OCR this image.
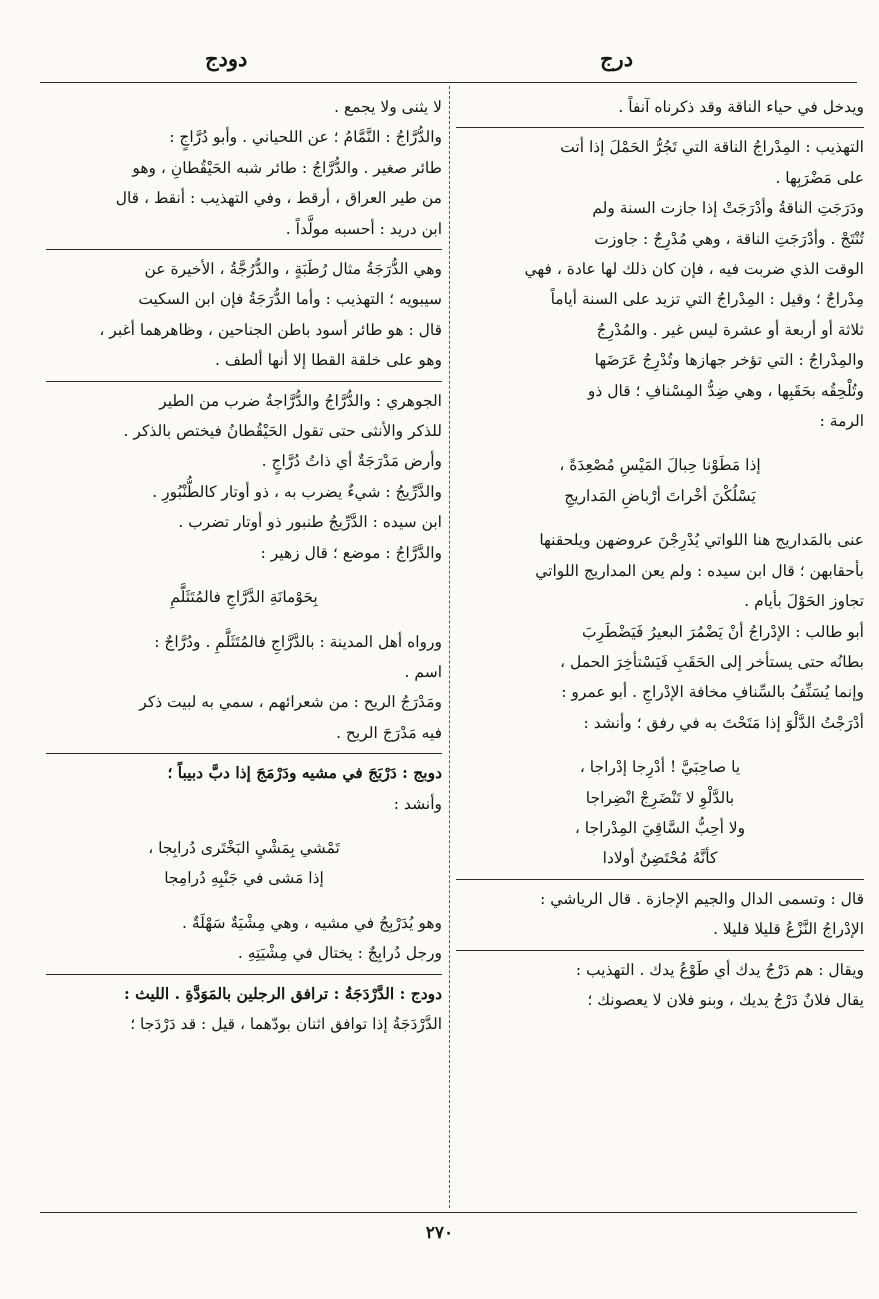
درج
دودج

ويدخل في حياء الناقة وقد ذكرناه آنفاً .

التهذيب : المِدْراجُ الناقة التي تَجُرُّ الحَمْلَ إذا أتت

على مَضْرَبِها .

ودَرَجَتِ الناقةُ وأدْرَجَتْ إذا جازت السنة ولم

تُنْتَجْ . وأدْرَجَتِ الناقة ، وهي مُدْرِجٌ : جاوزت

الوقت الذي ضربت فيه ، فإن كان ذلك لها عادة ، فهي

مِدْراجٌ ؛ وقيل : المِدْراجُ التي تزيد على السنة أياماً

ثلاثة أو أربعة أو عشرة ليس غير . والمُدْرِجُ

والمِدْراجُ : التي تؤخر جهازها وتُدْرِجُ عَرَضَها

وتُلْحِقُه بحَقَبِها ، وهي ضِدُّ المِسْنافِ ؛ قال ذو

الرمة :

إذا مَطَوْنا حِبالَ المَيْسِ مُصْعِدَةً ،

يَسْلُكْنَ أخْراتَ أرْباضِ المَداريجِ

عنى بالمَداريج هنا اللواتي يُدْرِجْنَ عروضهن ويلحقنها

بأحقابهن ؛ قال ابن سيده : ولم يعن المداريج اللواتي

تجاوز الحَوْلَ بأيام .

أبو طالب : الإدْراجُ أنْ يَضْمُرَ البعيرُ فَيَضْطَرِبَ

بطانُه حتى يستأخر إلى الحَقَبِ فَيَسْتأخِرَ الحمل ،

وإنما يُسَنِّفُ بالسِّنافِ مخافة الإدْراجِ . أبو عمرو :

أدْرَجْتُ الدَّلْوَ إذا مَتَحْتَ به في رفق ؛ وأنشد :

يا صاحِبَيَّ ! أدْرِجا إدْراجا ،

بالدَّلْوِ لا تَنْضَرِجْ انْضِراجا

ولا أحِبُّ السَّاقِيَ المِدْراجا ،

كأنَّهُ مُحْتَضِنٌ أولادا

قال : وتسمى الدال والجيم الإجازة . قال الرياشي :

الإدْراجُ النَّزْعُ قليلا قليلا .

ويقال : هم دَرْجُ يدك أي طَوْعُ يدك . التهذيب :

يقال فلانٌ دَرْجُ يديك ، وبنو فلان لا يعصونك ؛

لا يثنى ولا يجمع .

والدُّرَّاجُ : النَّمَّامُ ؛ عن اللحياني . وأبو دُرَّاجٍ :

طائر صغير . والدُّرَّاجُ : طائر شبه الحَيْقُطانِ ، وهو

من طير العراق ، أرقط ، وفي التهذيب : أنقط ، قال

ابن دريد : أحسبه مولَّداً .

وهي الدُّرَجَةُ مثال رُطَبَةٍ ، والدُّرُجَّةُ ، الأخيرة عن

سيبويه ؛ التهذيب : وأما الدُّرَجَةُ فإن ابن السكيت

قال : هو طائر أسود باطن الجناحين ، وظاهرهما أغبر ،

وهو على خلقة القطا إلا أنها ألطف .

الجوهري : والدُّرَّاجُ والدُّرَّاجةُ ضرب من الطير

للذكر والأنثى حتى تقول الحَيْقُطانُ فيختص بالذكر .

وأرض مَدْرَجَةٌ أي ذاتُ دُرَّاجٍ .

والدَّرِّيجُ : شيءٌ يضرب به ، ذو أوتار كالطُّنْبُورِ .

ابن سيده : الدَّرِّيجُ طنبور ذو أوتار تضرب .

والدَّرَّاجُ : موضع ؛ قال زهير :

بِحَوْمانَةِ الدَّرَّاجِ فالمُتَثَلَّمِ

ورواه أهل المدينة : بالدَّرَّاجِ فالمُتَثَلَّمِ . ودُرَّاجٌ :

اسم .

ومَدْرَجُ الريح : من شعرائهم ، سمي به لبيت ذكر

فيه مَدْرَجَ الريح .

دوبج : دَرْبَجَ في مشيه ودَرْمَجَ إذا دبَّ دبيباً ؛

وأنشد :

تَمْشي بِمَشْيِ البَخْتَرى دُرابِجا ،

إذا مَشى في جَنْبِهِ دُرامِجا

وهو يُدَرْبِجُ في مشيه ، وهي مِشْيَةٌ سَهْلَةٌ .

ورجل دُرابِجٌ : يختال في مِشْيَتِهِ .

دودج : الدَّرْدَجَةُ : ترافق الرجلين بالمَوَدَّةِ . الليث :

الدَّرْدَجَةُ إذا توافق اثنان بودّهما ، قيل : قد دَرْدَجا ؛

٢٧٠
